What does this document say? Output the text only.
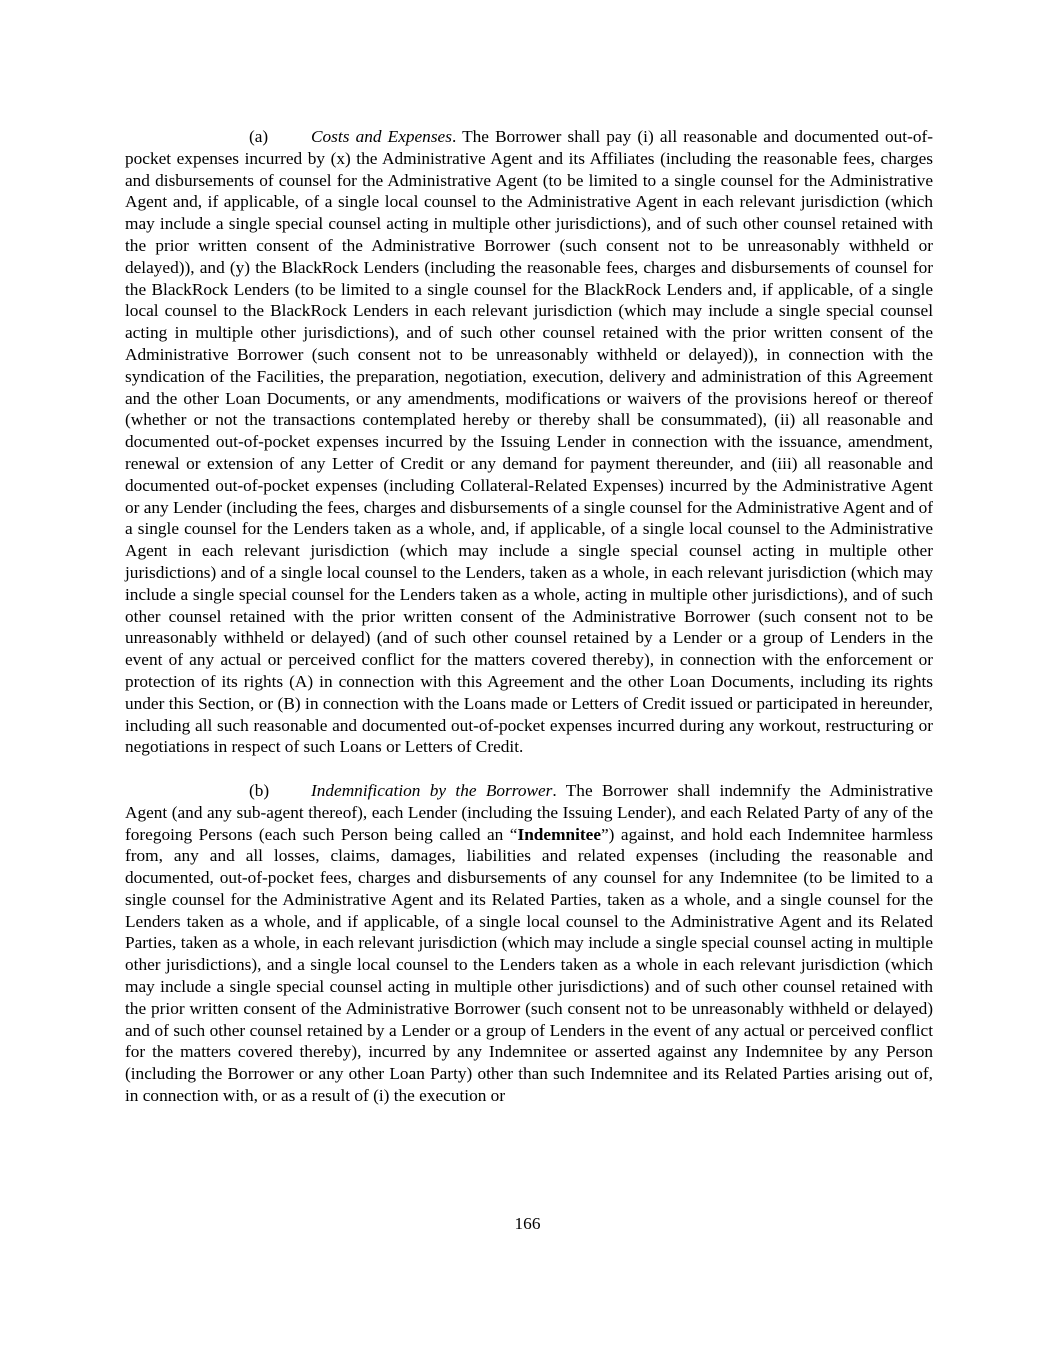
(a) Costs and Expenses. The Borrower shall pay (i) all reasonable and documented out-of-pocket expenses incurred by (x) the Administrative Agent and its Affiliates (including the reasonable fees, charges and disbursements of counsel for the Administrative Agent (to be limited to a single counsel for the Administrative Agent and, if applicable, of a single local counsel to the Administrative Agent in each relevant jurisdiction (which may include a single special counsel acting in multiple other jurisdictions), and of such other counsel retained with the prior written consent of the Administrative Borrower (such consent not to be unreasonably withheld or delayed)), and (y) the BlackRock Lenders (including the reasonable fees, charges and disbursements of counsel for the BlackRock Lenders (to be limited to a single counsel for the BlackRock Lenders and, if applicable, of a single local counsel to the BlackRock Lenders in each relevant jurisdiction (which may include a single special counsel acting in multiple other jurisdictions), and of such other counsel retained with the prior written consent of the Administrative Borrower (such consent not to be unreasonably withheld or delayed)), in connection with the syndication of the Facilities, the preparation, negotiation, execution, delivery and administration of this Agreement and the other Loan Documents, or any amendments, modifications or waivers of the provisions hereof or thereof (whether or not the transactions contemplated hereby or thereby shall be consummated), (ii) all reasonable and documented out-of-pocket expenses incurred by the Issuing Lender in connection with the issuance, amendment, renewal or extension of any Letter of Credit or any demand for payment thereunder, and (iii) all reasonable and documented out-of-pocket expenses (including Collateral-Related Expenses) incurred by the Administrative Agent or any Lender (including the fees, charges and disbursements of a single counsel for the Administrative Agent and of a single counsel for the Lenders taken as a whole, and, if applicable, of a single local counsel to the Administrative Agent in each relevant jurisdiction (which may include a single special counsel acting in multiple other jurisdictions) and of a single local counsel to the Lenders, taken as a whole, in each relevant jurisdiction (which may include a single special counsel for the Lenders taken as a whole, acting in multiple other jurisdictions), and of such other counsel retained with the prior written consent of the Administrative Borrower (such consent not to be unreasonably withheld or delayed) (and of such other counsel retained by a Lender or a group of Lenders in the event of any actual or perceived conflict for the matters covered thereby), in connection with the enforcement or protection of its rights (A) in connection with this Agreement and the other Loan Documents, including its rights under this Section, or (B) in connection with the Loans made or Letters of Credit issued or participated in hereunder, including all such reasonable and documented out-of-pocket expenses incurred during any workout, restructuring or negotiations in respect of such Loans or Letters of Credit.

(b) Indemnification by the Borrower. The Borrower shall indemnify the Administrative Agent (and any sub-agent thereof), each Lender (including the Issuing Lender), and each Related Party of any of the foregoing Persons (each such Person being called an “Indemnitee”) against, and hold each Indemnitee harmless from, any and all losses, claims, damages, liabilities and related expenses (including the reasonable and documented, out-of-pocket fees, charges and disbursements of any counsel for any Indemnitee (to be limited to a single counsel for the Administrative Agent and its Related Parties, taken as a whole, and a single counsel for the Lenders taken as a whole, and if applicable, of a single local counsel to the Administrative Agent and its Related Parties, taken as a whole, in each relevant jurisdiction (which may include a single special counsel acting in multiple other jurisdictions), and a single local counsel to the Lenders taken as a whole in each relevant jurisdiction (which may include a single special counsel acting in multiple other jurisdictions) and of such other counsel retained with the prior written consent of the Administrative Borrower (such consent not to be unreasonably withheld or delayed) and of such other counsel retained by a Lender or a group of Lenders in the event of any actual or perceived conflict for the matters covered thereby), incurred by any Indemnitee or asserted against any Indemnitee by any Person (including the Borrower or any other Loan Party) other than such Indemnitee and its Related Parties arising out of, in connection with, or as a result of (i) the execution or

166
